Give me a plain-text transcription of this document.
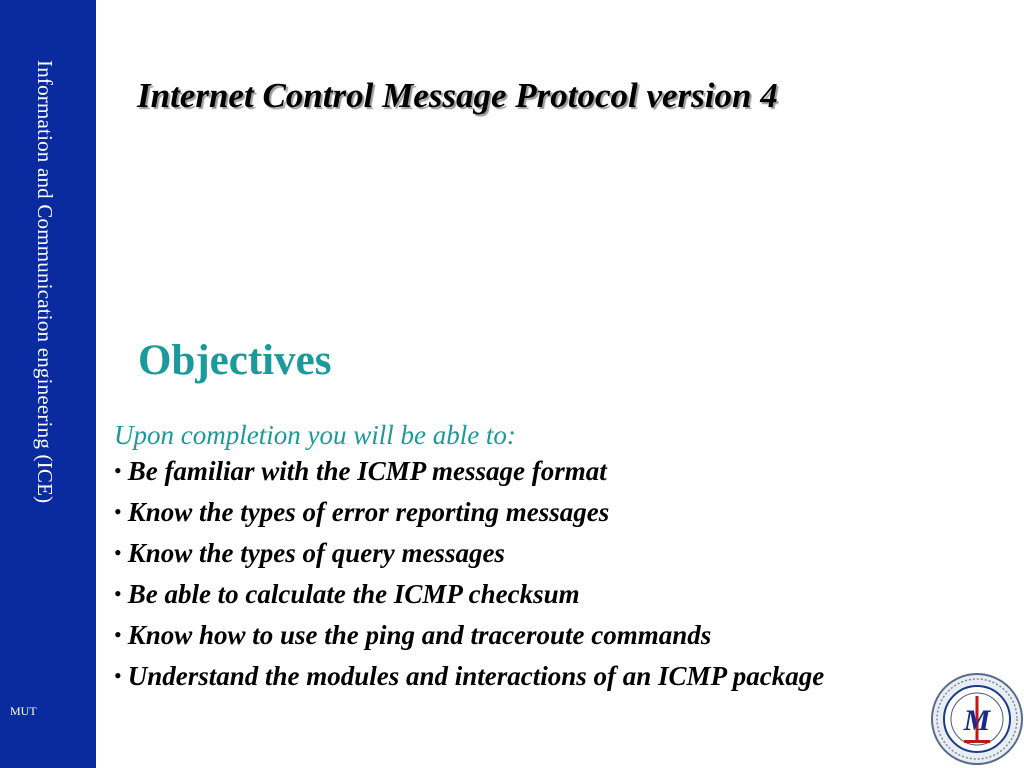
Information and Communication engineering (ICE)
MUT
Internet Control Message Protocol version 4
Objectives
Upon completion you will be able to:
• Be familiar with the ICMP message format
• Know the types of error reporting messages
• Know the types of query messages
• Be able to calculate the ICMP checksum
• Know how to use the ping and traceroute commands
• Understand the modules and interactions of an ICMP package
M
